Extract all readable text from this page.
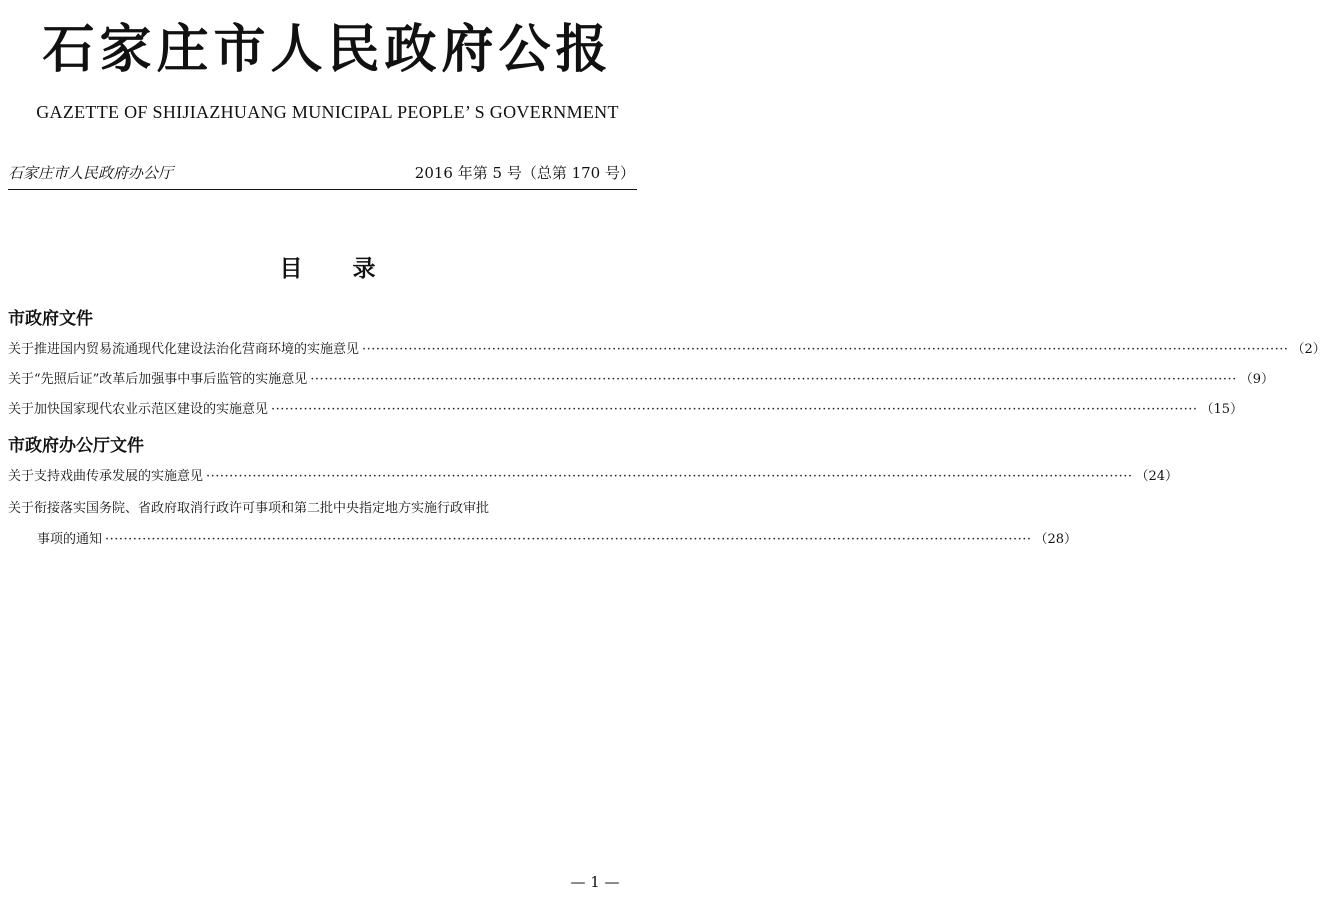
石家庄市人民政府公报
GAZETTE OF SHIJIAZHUANG MUNICIPAL PEOPLE’ S GOVERNMENT
石家庄市人民政府办公厅	2016 年第 5 号（总第 170 号）
目录
市政府文件
关于推进国内贸易流通现代化建设法治化营商环境的实施意见 ········································································································································································································ （2）
关于“先照后证”改革后加强事中事后监管的实施意见 ········································································································································································································ （9）
关于加快国家现代农业示范区建设的实施意见 ········································································································································································································ （15）
市政府办公厅文件
关于支持戏曲传承发展的实施意见 ········································································································································································································ （24）
关于衔接落实国务院、省政府取消行政许可事项和第二批中央指定地方实施行政审批
事项的通知 ········································································································································································································ （28）
— 1 —
